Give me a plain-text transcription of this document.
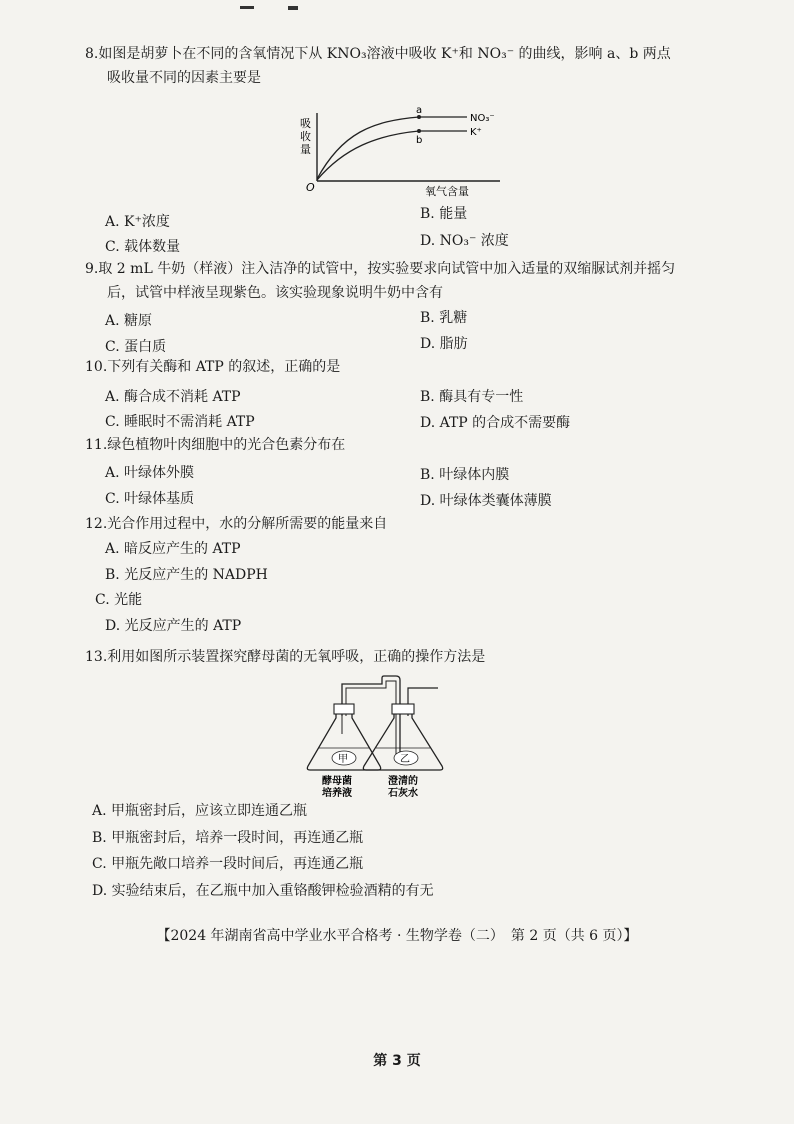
8.如图是胡萝卜在不同的含氧情况下从 KNO₃溶液中吸收 K⁺和 NO₃⁻ 的曲线，影响 a、b 两点
吸收量不同的因素主要是
吸
收
量
O	氧气含量
a
b
NO₃⁻
K⁺
A. K⁺浓度	B. 能量
C. 载体数量	D. NO₃⁻ 浓度
9.取 2 mL 牛奶（样液）注入洁净的试管中，按实验要求向试管中加入适量的双缩脲试剂并摇匀
后，试管中样液呈现紫色。该实验现象说明牛奶中含有
A. 糖原	B. 乳糖
C. 蛋白质	D. 脂肪
10.下列有关酶和 ATP 的叙述，正确的是
A. 酶合成不消耗 ATP	B. 酶具有专一性
C. 睡眠时不需消耗 ATP	D. ATP 的合成不需要酶
11.绿色植物叶肉细胞中的光合色素分布在
A. 叶绿体外膜	B. 叶绿体内膜
C. 叶绿体基质	D. 叶绿体类囊体薄膜
12.光合作用过程中，水的分解所需要的能量来自
A. 暗反应产生的 ATP
B. 光反应产生的 NADPH
C. 光能
D. 光反应产生的 ATP
13.利用如图所示装置探究酵母菌的无氧呼吸，正确的操作方法是
甲	乙
酵母菌
培养液
澄清的
石灰水
A. 甲瓶密封后，应该立即连通乙瓶
B. 甲瓶密封后，培养一段时间，再连通乙瓶
C. 甲瓶先敞口培养一段时间后，再连通乙瓶
D. 实验结束后，在乙瓶中加入重铬酸钾检验酒精的有无
【2024 年湖南省高中学业水平合格考 · 生物学卷（二）　第 2 页（共 6 页）】
第 3 页
